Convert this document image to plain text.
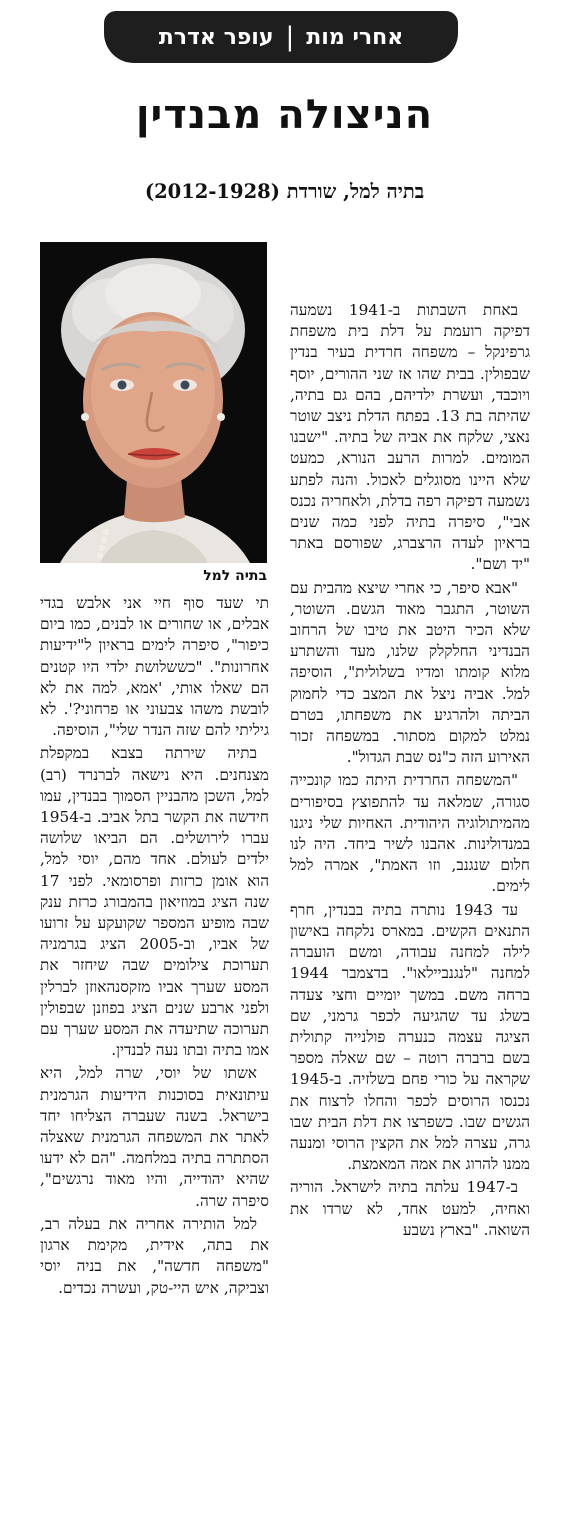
אחרי מות
|
עופר אדרת
הניצולה מבנדין
בתיה למל, שורדת (2012-1928)
בתיה למל

באחת השבתות ב-1941 נשמעה דפיקה רועמת על דלת בית משפחת גרפינקל – משפחה חרדית בעיר בנדין שבפולין. בבית שהו אז שני ההורים, יוסף ויוכבד, ועשרת ילדיהם, בהם גם בתיה, שהיתה בת 13. בפתח הדלת ניצב שוטר נאצי, שלקח את אביה של בתיה. "ישבנו המומים. למרות הרעב הנורא, כמעט שלא היינו מסוגלים לאכול. והנה לפתע נשמעה דפיקה רפה בדלת, ולאחריה נכנס אבי", סיפרה בתיה לפני כמה שנים בראיון לעדה הרצברג, שפורסם באתר "יד ושם".

"אבא סיפר, כי אחרי שיצא מהבית עם השוטר, התגבר מאוד הגשם. השוטר, שלא הכיר היטב את טיבו של הרחוב הבנדיני החלקלק שלנו, מעד והשתרע מלוא קומתו ומדיו בשלולית", הוסיפה למל. אביה ניצל את המצב כדי לחמוק הביתה ולהרגיע את משפחתו, בטרם נמלט למקום מסתור. במשפחה זכור האירוע הזה כ"נס שבת הגדול".

"המשפחה החרדית היתה כמו קונכייה סגורה, שמלאה עד להתפוצץ בסיפורים מהמיתולוגיה היהודית. האחיות שלי ניגנו במנדולינות. אהבנו לשיר ביחד. היה לנו חלום שנגנב, וזו האמת", אמרה למל לימים.

עד 1943 נותרה בתיה בבנדין, חרף התנאים הקשים. במארס נלקחה באישון לילה למחנה עבודה, ומשם הועברה למחנה "לנגנביילאו". בדצמבר 1944 ברחה משם. במשך יומיים וחצי צעדה בשלג עד שהגיעה לכפר גרמני, שם הציגה עצמה כנערה פולנייה קתולית בשם ברברה רוטה – שם שאלה מספר שקראה על כורי פחם בשלזיה. ב-1945 נכנסו הרוסים לכפר והחלו לרצוח את הגשים שבו. כשפרצו את דלת הבית שבו גרה, עצרה למל את הקצין הרוסי ומנעה ממנו להרוג את אמה המאמצת.

ב-1947 עלתה בתיה לישראל. הוריה ואחיה, למעט אחד, לא שרדו את השואה. "בארץ נשבע

תי שעד סוף חיי אני אלבש בגדי אבלים, או שחורים או לבנים, כמו ביום כיפור", סיפרה לימים בראיון ל"ידיעות אחרונות". "כששלושת ילדי היו קטנים הם שאלו אותי, 'אמא, למה את לא לובשת משהו צבעוני או פרחוני?'. לא גיליתי להם שזה הנדר שלי", הוסיפה.

בתיה שירתה בצבא במקפלת מצנחנים. היא נישאה לברנרד (רב) למל, השכן מהבניין הסמוך בבנדין, עמו חידשה את הקשר בתל אביב. ב-1954 עברו לירושלים. הם הביאו שלושה ילדים לעולם. אחד מהם, יוסי למל, הוא אומן כרזות ופרסומאי. לפני 17 שנה הציג במוזיאון בהמבורג כרזת ענק שבה מופיע המספר שקועקע על זרועו של אביו, וב-2005 הציג בגרמניה תערוכת צילומים שבה שיחזר את המסע שערך אביו מזקסנהאוזן לברלין ולפני ארבע שנים הציג בפוזנן שבפולין תערוכה שתיעדה את המסע שערך עם אמו בתיה ובתו נעה לבנדין.

אשתו של יוסי, שרה למל, היא עיתונאית בסוכנות הידיעות הגרמנית בישראל. בשנה שעברה הצליחו יחד לאתר את המשפחה הגרמנית שאצלה הסתתרה בתיה במלחמה. "הם לא ידעו שהיא יהודייה, והיו מאוד נרגשים", סיפרה שרה.

למל הותירה אחריה את בעלה רב, את בתה, אידית, מקימת ארגון "משפחה חדשה", את בניה יוסי וצביקה, איש היי-טק, ועשרה נכדים.
